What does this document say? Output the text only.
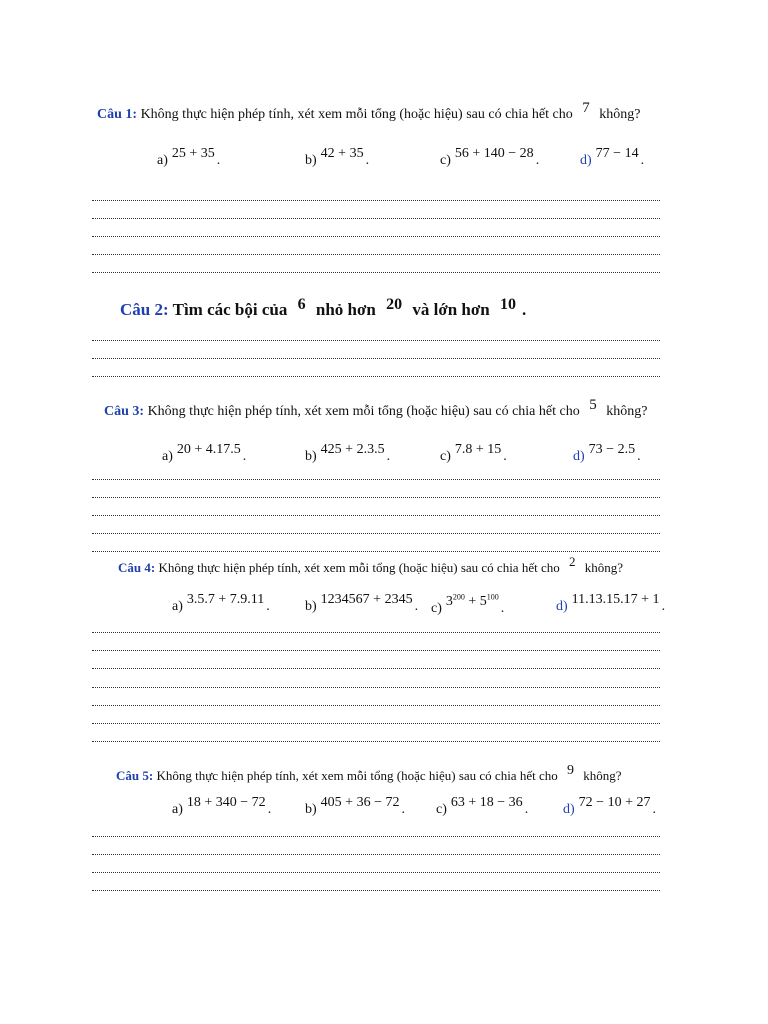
Câu 1: Không thực hiện phép tính, xét xem mỗi tổng (hoặc hiệu) sau có chia hết cho 7 không?
a) 25 + 35 .	b) 42 + 35 .	c) 56 + 140 − 28 .	d) 77 − 14 .
Câu 2: Tìm các bội của 6 nhỏ hơn 20 và lớn hơn 10 .
Câu 3: Không thực hiện phép tính, xét xem mỗi tổng (hoặc hiệu) sau có chia hết cho 5 không?
a) 20 + 4.17.5 .	b) 425 + 2.3.5 .	c) 7.8 + 15 .	d) 73 − 2.5 .
Câu 4: Không thực hiện phép tính, xét xem mỗi tổng (hoặc hiệu) sau có chia hết cho 2 không?
a) 3.5.7 + 7.9.11 .	b) 1234567 + 2345 . c) $3^{200} + 5^{100}$.	d) 11.13.15.17 + 1 .
Câu 5: Không thực hiện phép tính, xét xem mỗi tổng (hoặc hiệu) sau có chia hết cho 9 không?
a) 18 + 340 − 72 . b) 405 + 36 − 72 . c) 63 + 18 − 36 . d) 72 − 10 + 27 .
